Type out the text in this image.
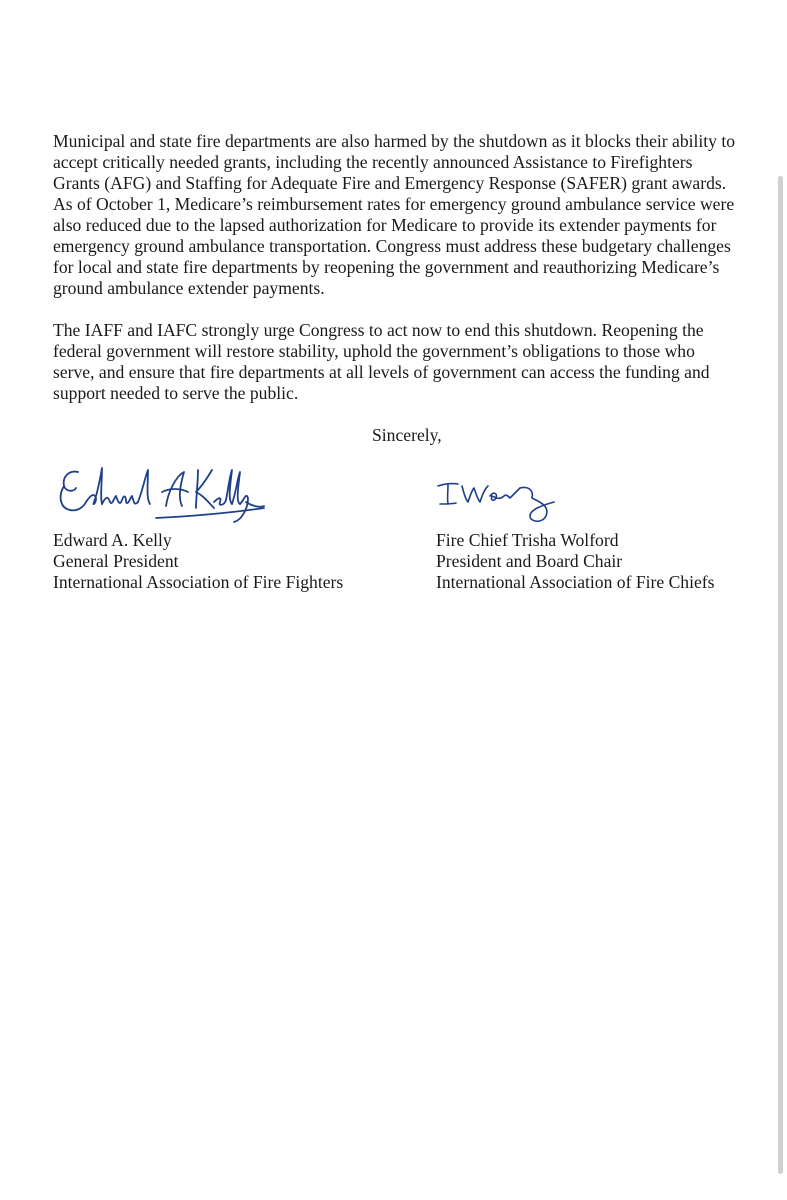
Municipal and state fire departments are also harmed by the shutdown as it blocks their ability to
accept critically needed grants, including the recently announced Assistance to Firefighters
Grants (AFG) and Staffing for Adequate Fire and Emergency Response (SAFER) grant awards.
As of October 1, Medicare’s reimbursement rates for emergency ground ambulance service were
also reduced due to the lapsed authorization for Medicare to provide its extender payments for
emergency ground ambulance transportation. Congress must address these budgetary challenges
for local and state fire departments by reopening the government and reauthorizing Medicare’s
ground ambulance extender payments.

The IAFF and IAFC strongly urge Congress to act now to end this shutdown. Reopening the
federal government will restore stability, uphold the government’s obligations to those who
serve, and ensure that fire departments at all levels of government can access the funding and
support needed to serve the public.

Sincerely,
Edward A. Kelly
General President
International Association of Fire Fighters
Fire Chief Trisha Wolford
President and Board Chair
International Association of Fire Chiefs
